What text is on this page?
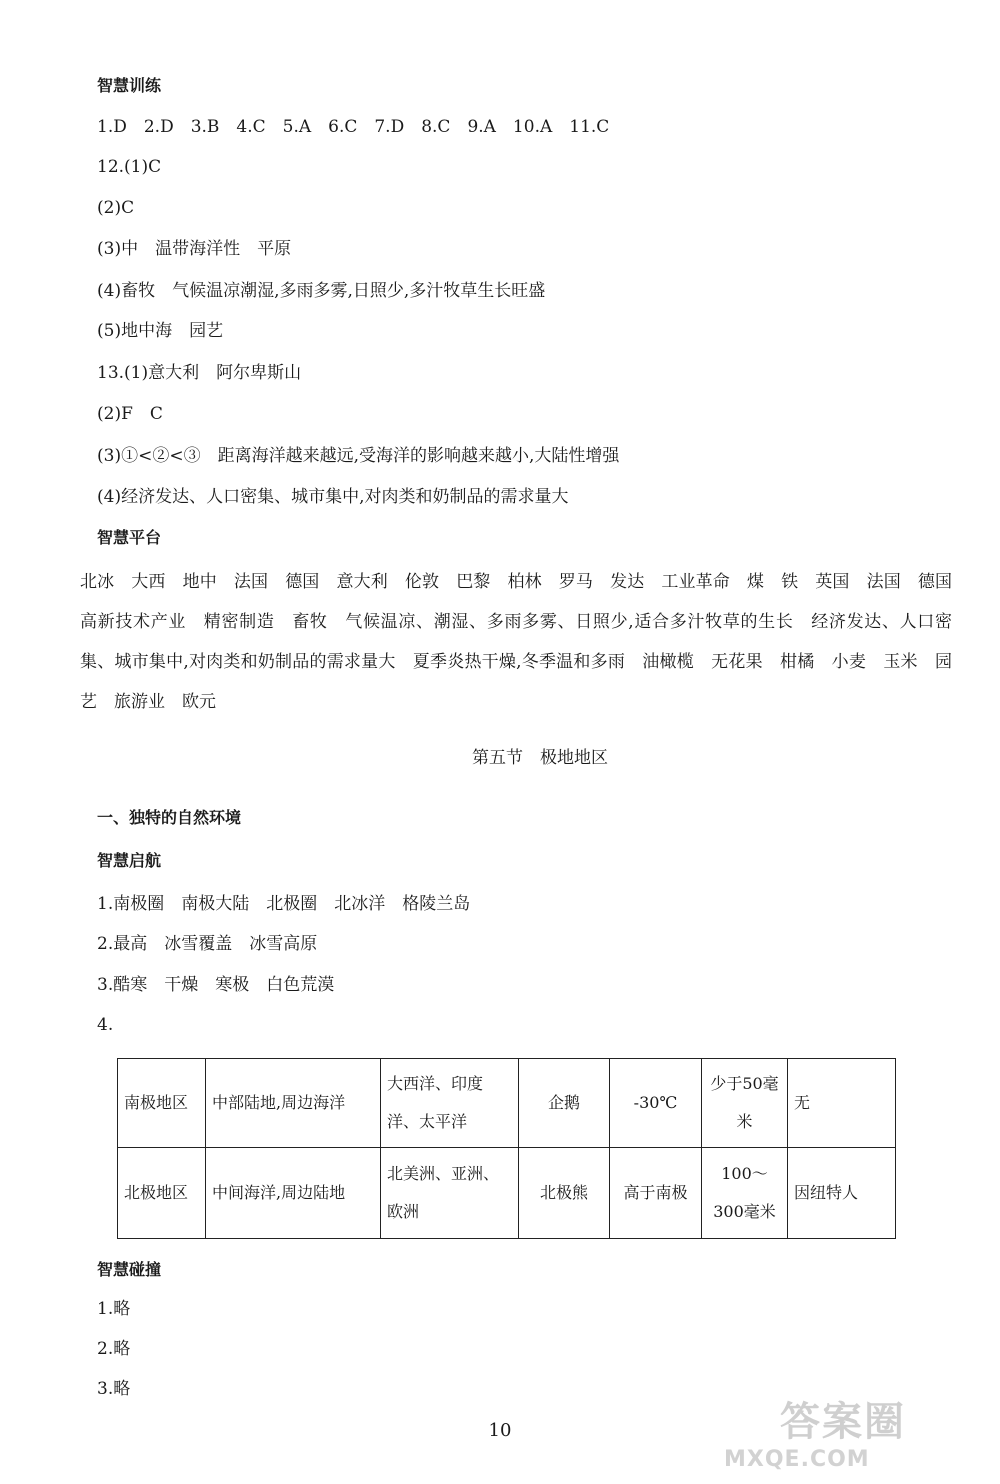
智慧训练
1.D　2.D　3.B　4.C　5.A　6.C　7.D　8.C　9.A　10.A　11.C
12.(1)C
(2)C
(3)中　温带海洋性　平原
(4)畜牧　气候温凉潮湿,多雨多雾,日照少,多汁牧草生长旺盛
(5)地中海　园艺
13.(1)意大利　阿尔卑斯山
(2)F　C
(3)①<②<③　距离海洋越来越远,受海洋的影响越来越小,大陆性增强
(4)经济发达、人口密集、城市集中,对肉类和奶制品的需求量大
智慧平台
北冰　大西　地中　法国　德国　意大利　伦敦　巴黎　柏林　罗马　发达　工业革命　煤　铁　英国　法国　德国　高新技术产业　精密制造　畜牧　气候温凉、潮湿、多雨多雾、日照少,适合多汁牧草的生长　经济发达、人口密集、城市集中,对肉类和奶制品的需求量大　夏季炎热干燥,冬季温和多雨　油橄榄　无花果　柑橘　小麦　玉米　园艺　旅游业　欧元
第五节　极地地区
一、独特的自然环境
智慧启航
1.南极圈　南极大陆　北极圈　北冰洋　格陵兰岛
2.最高　冰雪覆盖　冰雪高原
3.酷寒　干燥　寒极　白色荒漠
4.
南极地区	中部陆地,周边海洋	大西洋、印度洋、太平洋	企鹅	-30℃	少于50毫米	无
北极地区	中间海洋,周边陆地	北美洲、亚洲、欧洲	北极熊	高于南极	100～300毫米	因纽特人
智慧碰撞
1.略
2.略
3.略
10	答案圈
MXQE.COM
